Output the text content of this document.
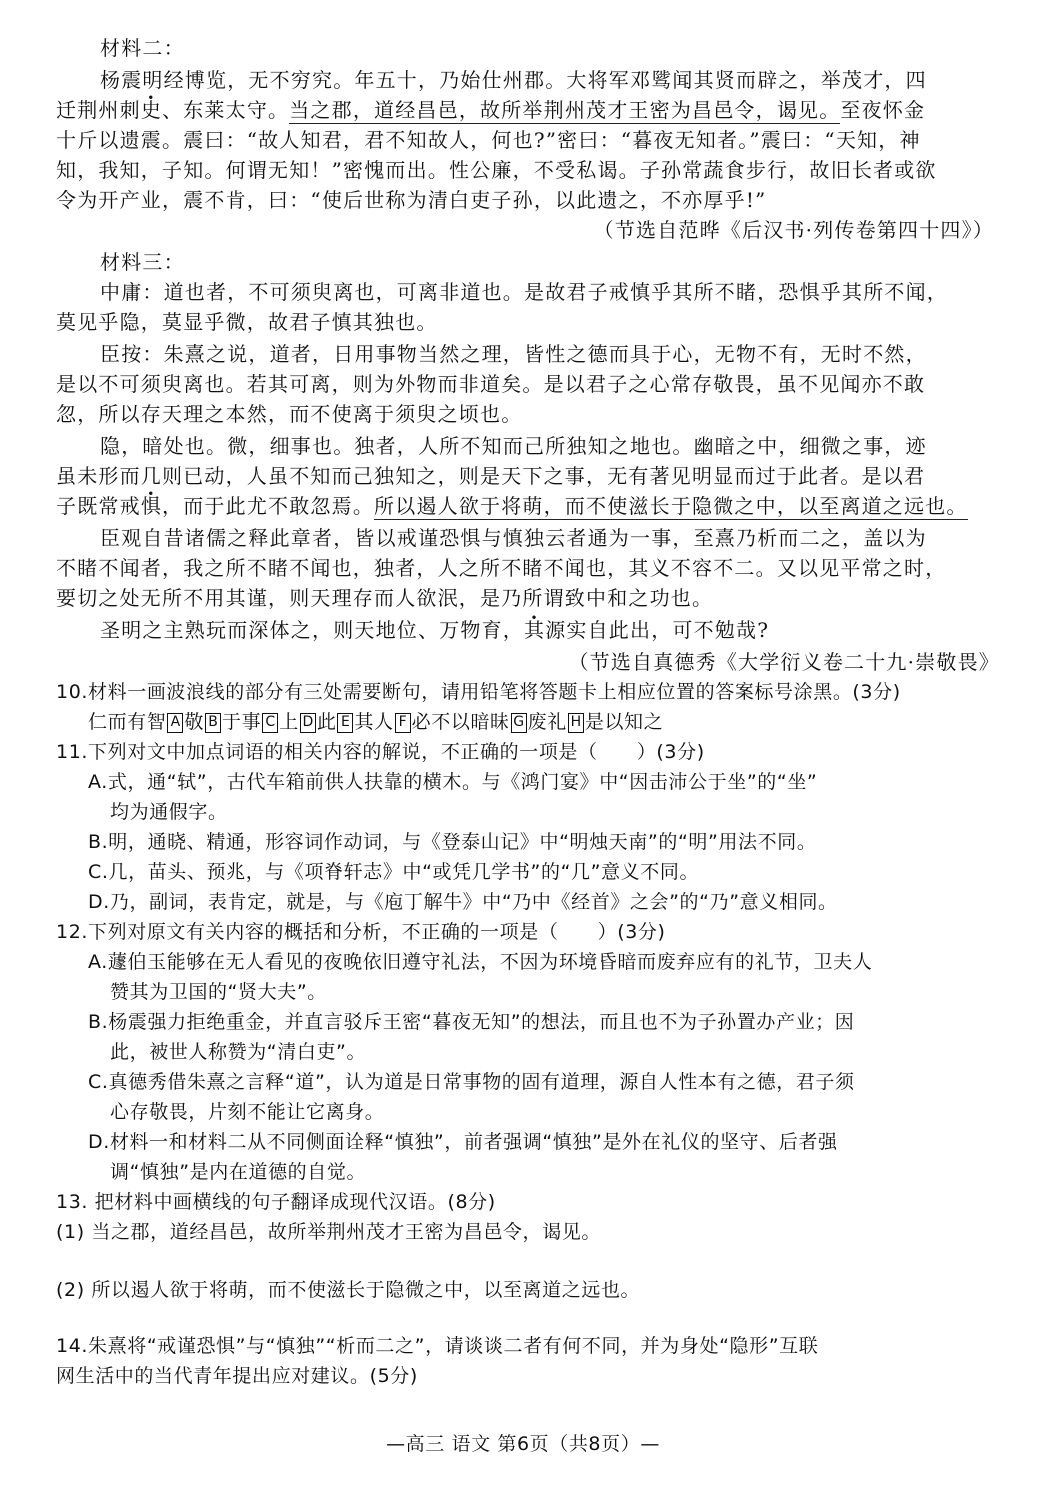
材料二：
杨震明经博览，无不穷究。年五十，乃始仕州郡。大将军邓骘闻其贤而辟之，举茂才，四
迁荆州刺史、东莱太守。当之郡，道经昌邑，故所举荆州茂才王密为昌邑令，谒见。至夜怀金
十斤以遗震。震曰：“故人知君，君不知故人，何也?”密曰：“暮夜无知者。”震曰：“天知，神
知，我知，子知。何谓无知！”密愧而出。性公廉，不受私谒。子孙常蔬食步行，故旧长者或欲
令为开产业，震不肯，曰：“使后世称为清白吏子孙，以此遗之，不亦厚乎!”
（节选自范晔《后汉书·列传卷第四十四》）
材料三：
中庸：道也者，不可须臾离也，可离非道也。是故君子戒慎乎其所不睹，恐惧乎其所不闻，
莫见乎隐，莫显乎微，故君子慎其独也。
臣按：朱熹之说，道者，日用事物当然之理，皆性之德而具于心，无物不有，无时不然，
是以不可须臾离也。若其可离，则为外物而非道矣。是以君子之心常存敬畏，虽不见闻亦不敢
忽，所以存天理之本然，而不使离于须臾之顷也。
隐，暗处也。微，细事也。独者，人所不知而己所独知之地也。幽暗之中，细微之事，迹
虽未形而几则已动，人虽不知而己独知之，则是天下之事，无有著见明显而过于此者。是以君
子既常戒惧，而于此尤不敢忽焉。所以遏人欲于将萌，而不使滋长于隐微之中，以至离道之远也。
臣观自昔诸儒之释此章者，皆以戒谨恐惧与慎独云者通为一事，至熹乃析而二之，盖以为
不睹不闻者，我之所不睹不闻也，独者，人之所不睹不闻也，其义不容不二。又以见平常之时，
要切之处无所不用其谨，则天理存而人欲泯，是乃所谓致中和之功也。
圣明之主熟玩而深体之，则天地位、万物育，其源实自此出，可不勉哉?
（节选自真德秀《大学衍义卷二十九·崇敬畏》
10.材料一画波浪线的部分有三处需要断句，请用铅笔将答题卡上相应位置的答案标号涂黑。(3分)
仁而有智 A 敬 B 于事 C 上 D 此 E 其人 F 必不以暗昧 G 废礼 H 是以知之
11.下列对文中加点词语的相关内容的解说，不正确的一项是（　　）(3分)
A.式，通“轼”，古代车箱前供人扶靠的横木。与《鸿门宴》中“因击沛公于坐”的“坐”
均为通假字。
B.明，通晓、精通，形容词作动词，与《登泰山记》中“明烛天南”的“明”用法不同。
C.几，苗头、预兆，与《项脊轩志》中“或凭几学书”的“几”意义不同。
D.乃，副词，表肯定，就是，与《庖丁解牛》中“乃中《经首》之会”的“乃”意义相同。
12.下列对原文有关内容的概括和分析，不正确的一项是（　　）(3分)
A.蘧伯玉能够在无人看见的夜晚依旧遵守礼法，不因为环境昏暗而废弃应有的礼节，卫夫人
赞其为卫国的“贤大夫”。
B.杨震强力拒绝重金，并直言驳斥王密“暮夜无知”的想法，而且也不为子孙置办产业；因
此，被世人称赞为“清白吏”。
C.真德秀借朱熹之言释“道”，认为道是日常事物的固有道理，源自人性本有之德，君子须
心存敬畏，片刻不能让它离身。
D.材料一和材料二从不同侧面诠释“慎独”，前者强调“慎独”是外在礼仪的坚守、后者强
调“慎独”是内在道德的自觉。
13. 把材料中画横线的句子翻译成现代汉语。(8分)
(1) 当之郡，道经昌邑，故所举荆州茂才王密为昌邑令，谒见。
(2) 所以遏人欲于将萌，而不使滋长于隐微之中，以至离道之远也。
14.朱熹将“戒谨恐惧”与“慎独”“析而二之”，请谈谈二者有何不同，并为身处“隐形”互联
网生活中的当代青年提出应对建议。(5分)
—高三 语文 第6页（共8页）—
